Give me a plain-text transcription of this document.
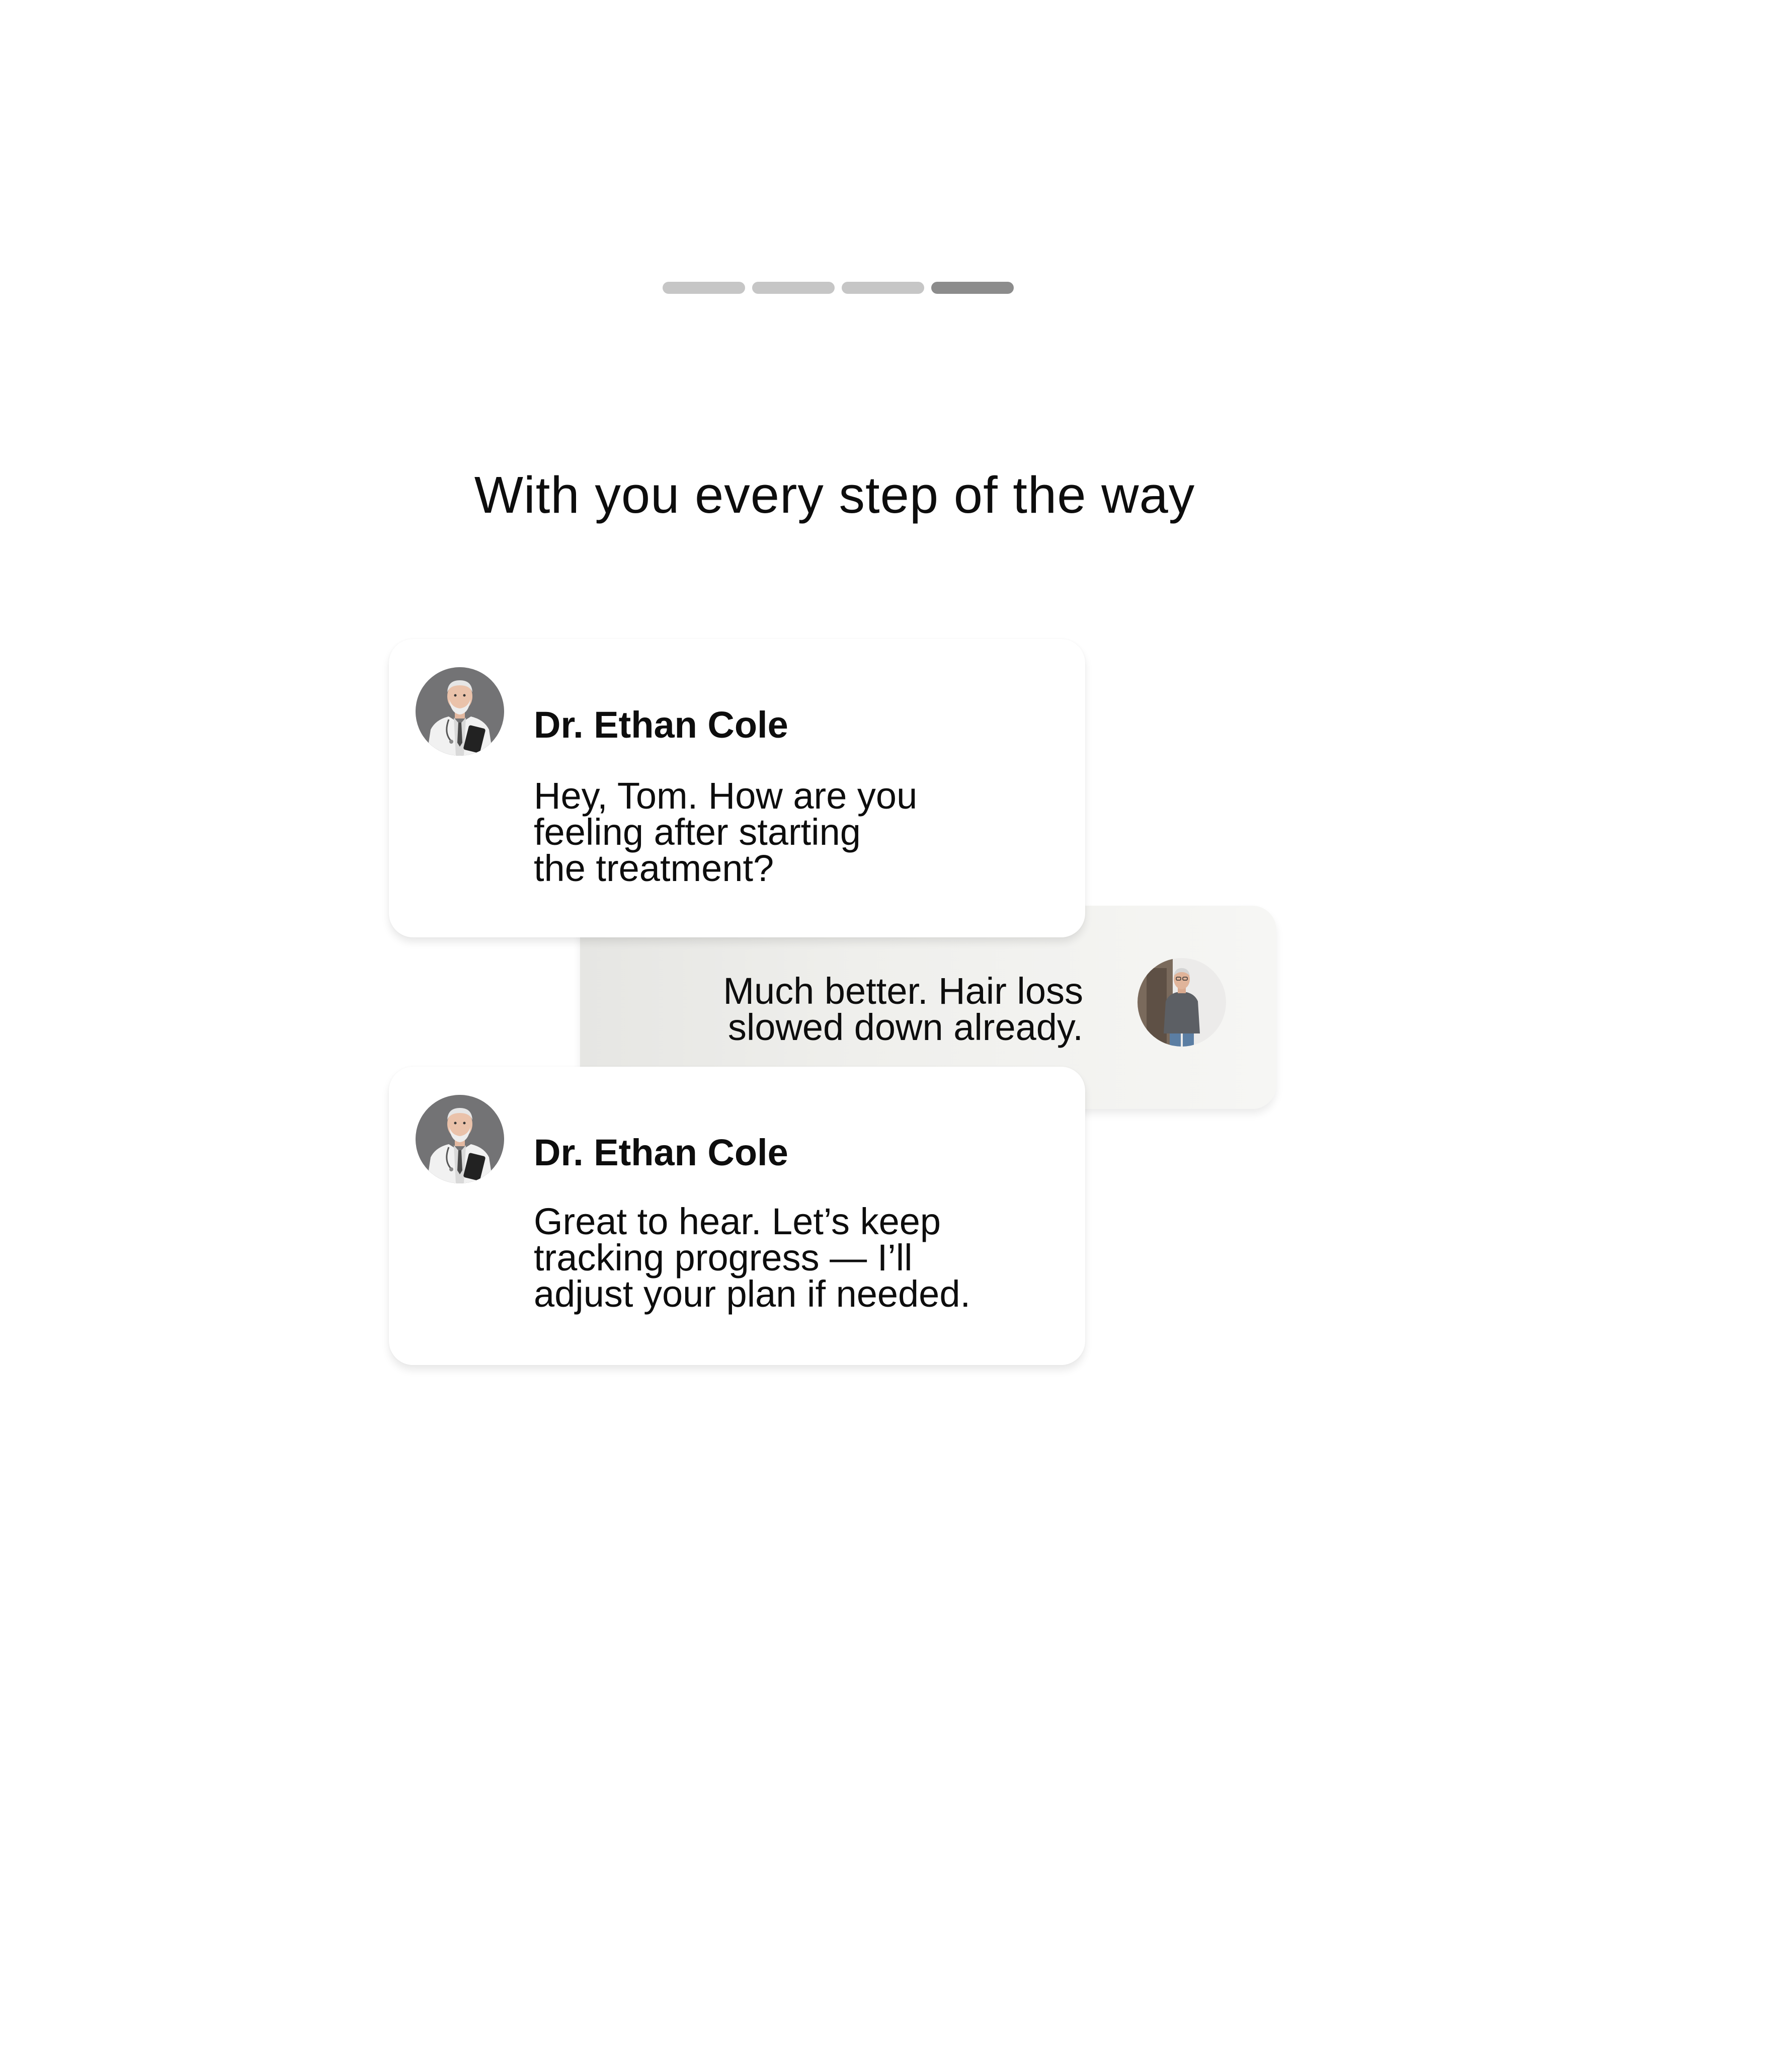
With you every step of the way
Dr. Ethan Cole

Hey, Tom. How are you
feeling after starting
the treatment?

Much better. Hair loss
slowed down already.

Dr. Ethan Cole

Great to hear. Let’s keep
tracking progress — I’ll
adjust your plan if needed.
